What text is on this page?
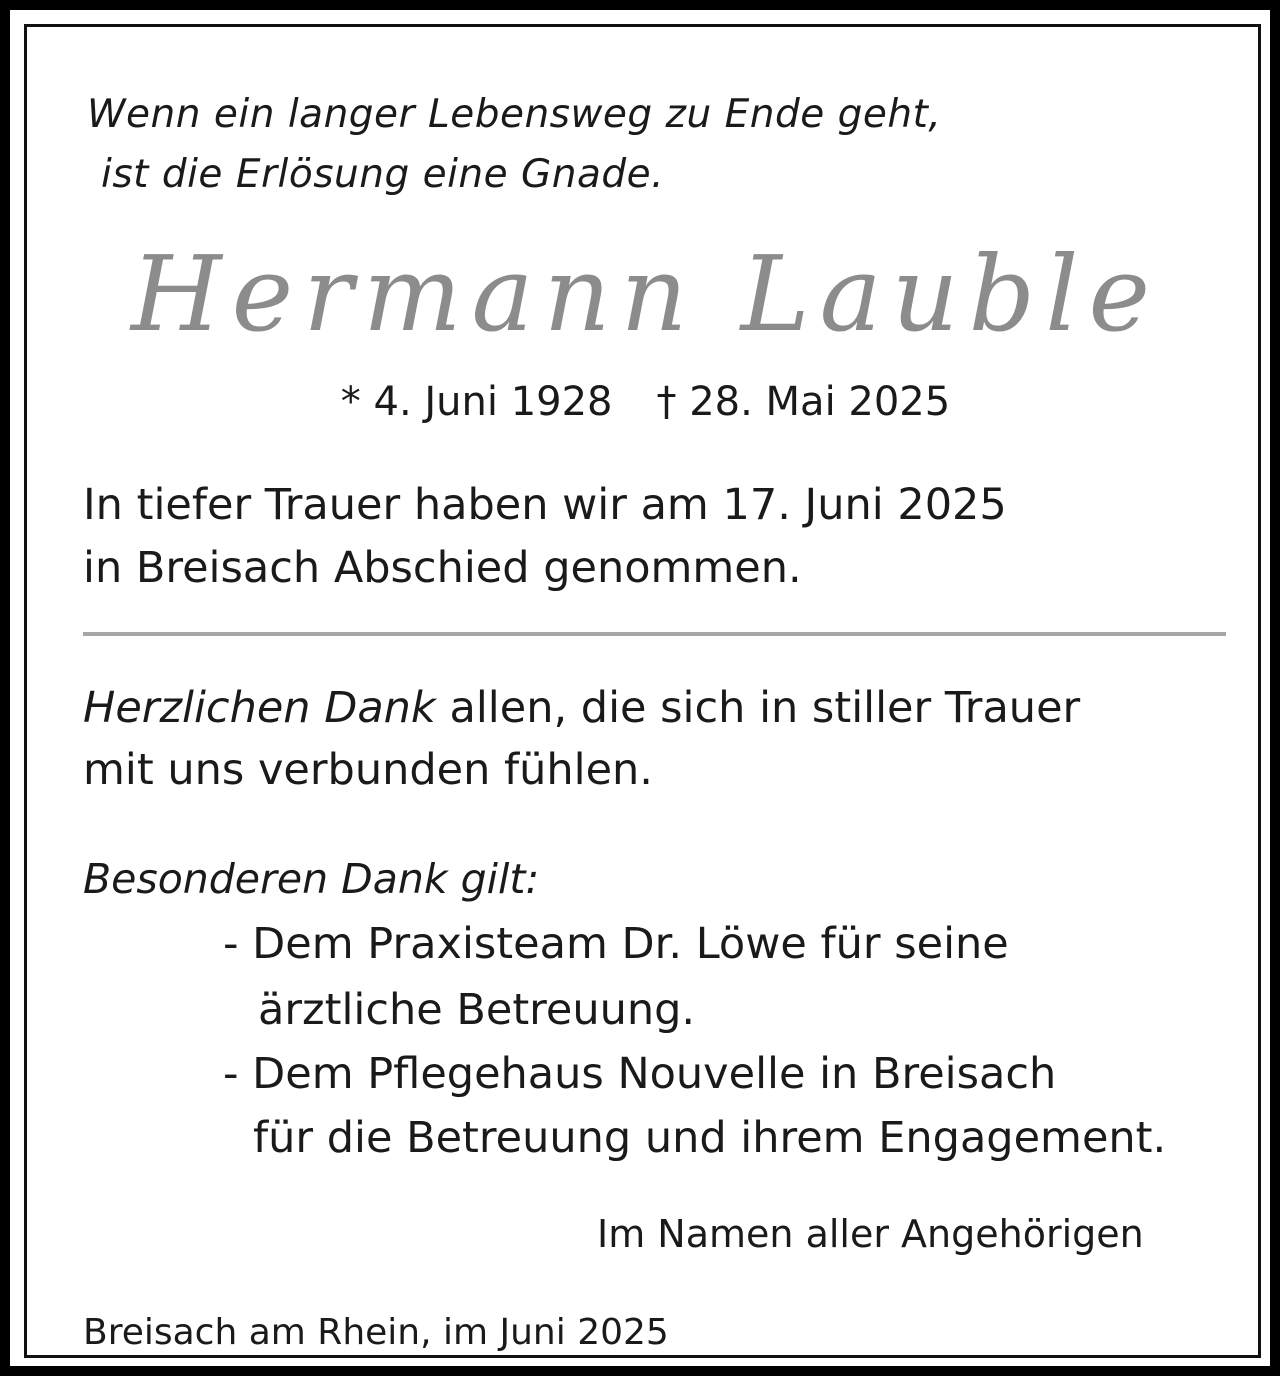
Wenn ein langer Lebensweg zu Ende geht,

ist die Erlösung eine Gnade.

Hermann Lauble

* 4. Juni 1928 † 28. Mai 2025

In tiefer Trauer haben wir am 17. Juni 2025

in Breisach Abschied genommen.

Herzlichen Dank allen, die sich in stiller Trauer

mit uns verbunden fühlen.

Besonderen Dank gilt:

- Dem Praxisteam Dr. Löwe für seine

ärztliche Betreuung.

- Dem Pflegehaus Nouvelle in Breisach

für die Betreuung und ihrem Engagement.

Im Namen aller Angehörigen

Breisach am Rhein, im Juni 2025
